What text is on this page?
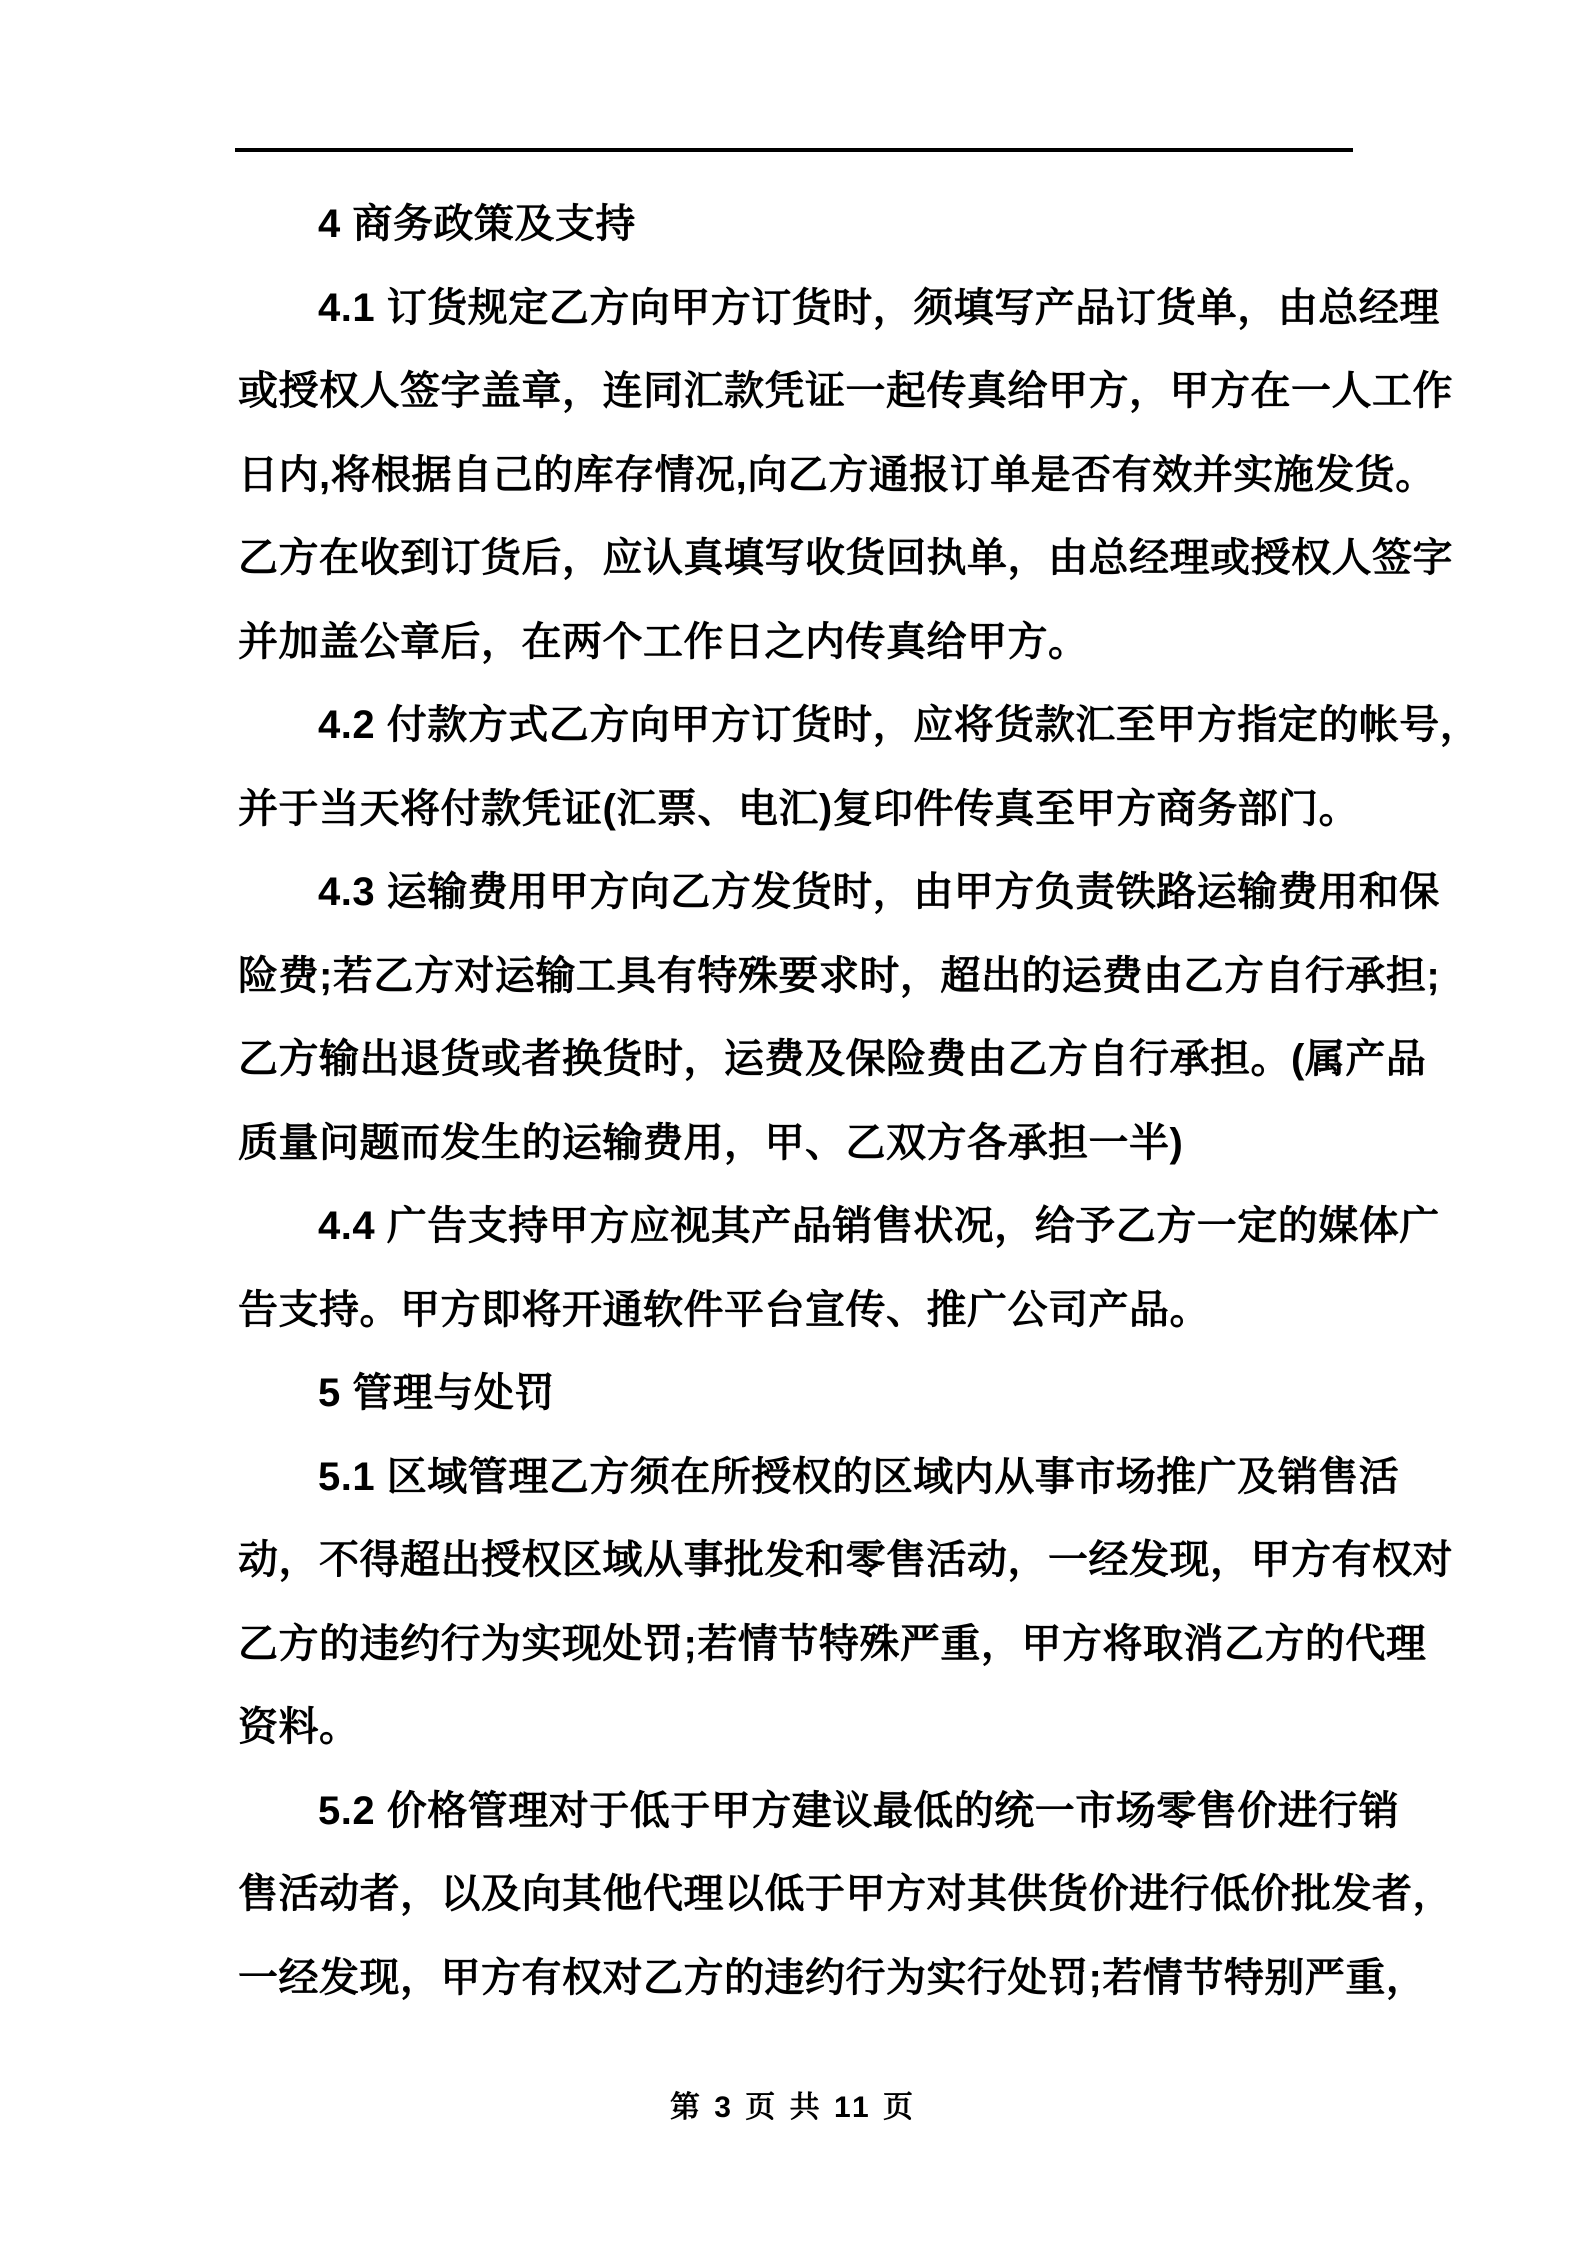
4 商务政策及支持
4.1 订货规定乙方向甲方订货时，须填写产品订货单，由总经理
或授权人签字盖章，连同汇款凭证一起传真给甲方，甲方在一人工作
日内,将根据自己的库存情况,向乙方通报订单是否有效并实施发货。
乙方在收到订货后，应认真填写收货回执单，由总经理或授权人签字
并加盖公章后，在两个工作日之内传真给甲方。
4.2 付款方式乙方向甲方订货时，应将货款汇至甲方指定的帐号，
并于当天将付款凭证(汇票、电汇)复印件传真至甲方商务部门。
4.3 运输费用甲方向乙方发货时，由甲方负责铁路运输费用和保
险费;若乙方对运输工具有特殊要求时，超出的运费由乙方自行承担;
乙方输出退货或者换货时，运费及保险费由乙方自行承担。(属产品
质量问题而发生的运输费用，甲、乙双方各承担一半)
4.4 广告支持甲方应视其产品销售状况，给予乙方一定的媒体广
告支持。甲方即将开通软件平台宣传、推广公司产品。
5 管理与处罚
5.1 区域管理乙方须在所授权的区域内从事市场推广及销售活
动，不得超出授权区域从事批发和零售活动，一经发现，甲方有权对
乙方的违约行为实现处罚;若情节特殊严重，甲方将取消乙方的代理
资料。
5.2 价格管理对于低于甲方建议最低的统一市场零售价进行销
售活动者，以及向其他代理以低于甲方对其供货价进行低价批发者，
一经发现，甲方有权对乙方的违约行为实行处罚;若情节特别严重，
第 3 页 共 11 页
